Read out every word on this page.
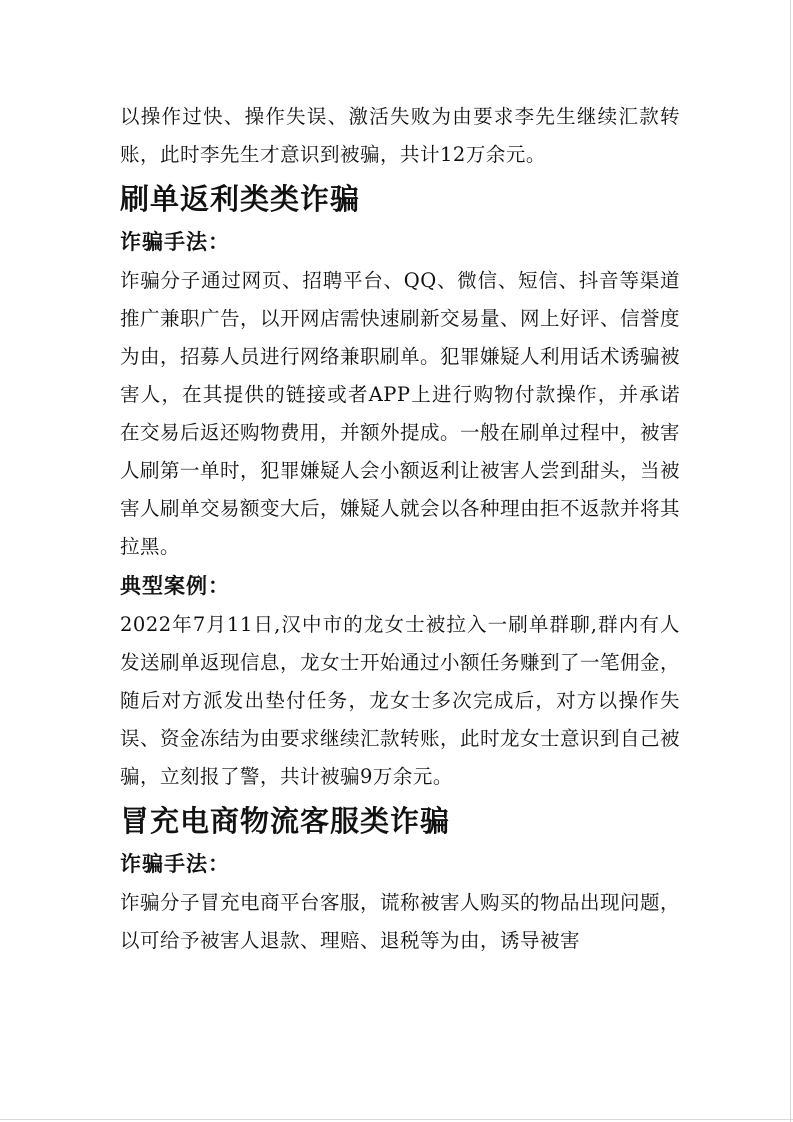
以操作过快、操作失误、激活失败为由要求李先生继续汇款转账，此时李先生才意识到被骗，共计12万余元。

刷单返利类类诈骗
诈骗手法：

诈骗分子通过网页、招聘平台、QQ、微信、短信、抖音等渠道推广兼职广告，以开网店需快速刷新交易量、网上好评、信誉度为由，招募人员进行网络兼职刷单。犯罪嫌疑人利用话术诱骗被害人，在其提供的链接或者APP上进行购物付款操作，并承诺在交易后返还购物费用，并额外提成。一般在刷单过程中，被害人刷第一单时，犯罪嫌疑人会小额返利让被害人尝到甜头，当被害人刷单交易额变大后，嫌疑人就会以各种理由拒不返款并将其拉黑。

典型案例：

2022年7月11日,汉中市的龙女士被拉入一刷单群聊,群内有人发送刷单返现信息，龙女士开始通过小额任务赚到了一笔佣金，随后对方派发出垫付任务，龙女士多次完成后，对方以操作失误、资金冻结为由要求继续汇款转账，此时龙女士意识到自己被骗，立刻报了警，共计被骗9万余元。

冒充电商物流客服类诈骗
诈骗手法：

诈骗分子冒充电商平台客服，谎称被害人购买的物品出现问题，以可给予被害人退款、理赔、退税等为由，诱导被害
